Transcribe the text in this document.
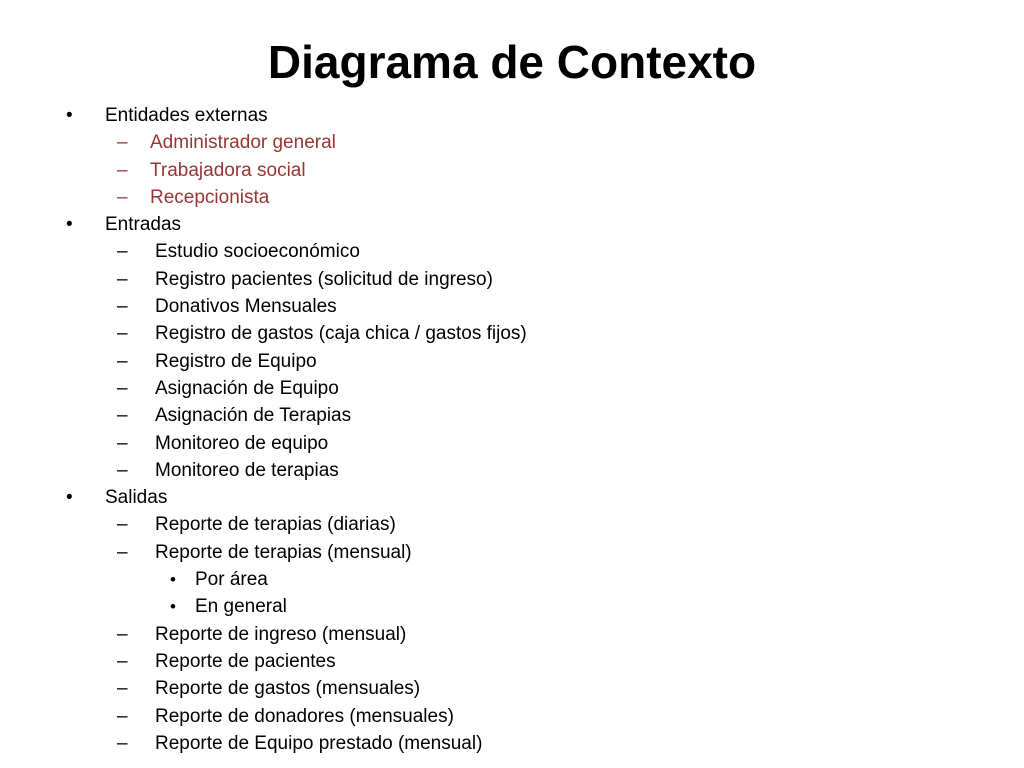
Diagrama de Contexto
• Entidades externas
– Administrador general
– Trabajadora social
– Recepcionista
• Entradas
– Estudio socioeconómico
– Registro pacientes (solicitud de ingreso)
– Donativos Mensuales
– Registro de gastos (caja chica / gastos fijos)
– Registro de Equipo
– Asignación de Equipo
– Asignación de Terapias
– Monitoreo de equipo
– Monitoreo de terapias
• Salidas
– Reporte de terapias (diarias)
– Reporte de terapias (mensual)
• Por área
• En general
– Reporte de ingreso (mensual)
– Reporte de pacientes
– Reporte de gastos (mensuales)
– Reporte de donadores (mensuales)
– Reporte de Equipo prestado (mensual)
